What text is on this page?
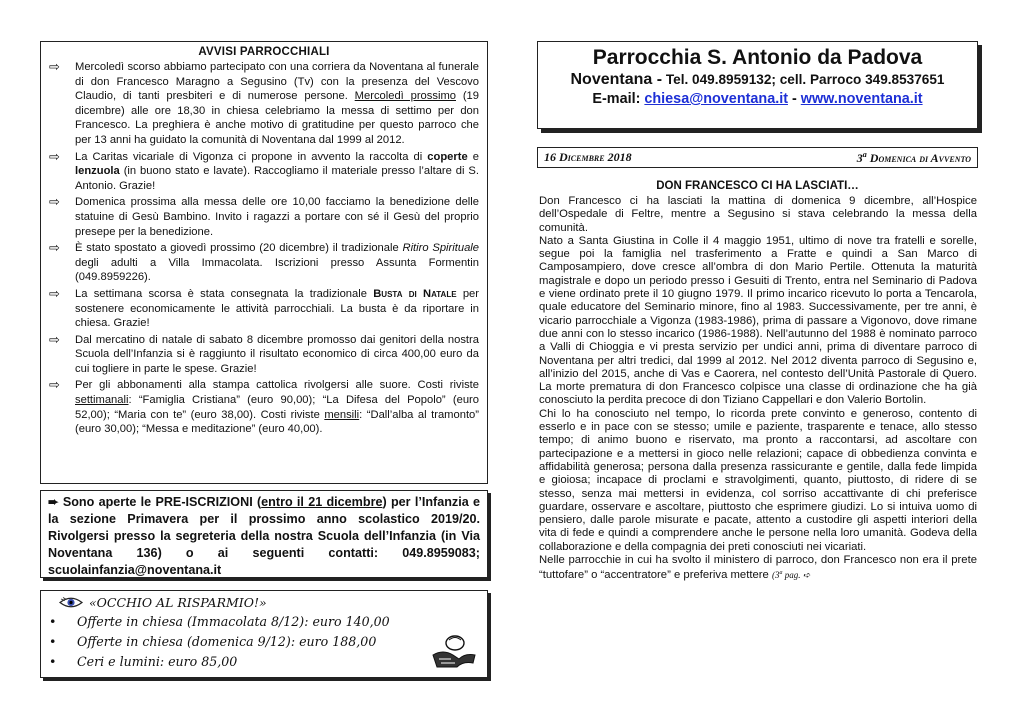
AVVISI PARROCCHIALI
⇨	Mercoledì scorso abbiamo partecipato con una corriera da Noventana al funerale di don Francesco Maragno a Segusino (Tv) con la presenza del Vescovo Claudio, di tanti presbiteri e di numerose persone. Mercoledì prossimo (19 dicembre) alle ore 18,30 in chiesa celebriamo la messa di settimo per don Francesco. La preghiera è anche motivo di gratitudine per questo parroco che per 13 anni ha guidato la comunità di Noventana dal 1999 al 2012.
⇨	La Caritas vicariale di Vigonza ci propone in avvento la raccolta di coperte e lenzuola (in buono stato e lavate). Raccogliamo il materiale presso l’altare di S. Antonio. Grazie!
⇨	Domenica prossima alla messa delle ore 10,00 facciamo la benedizione delle statuine di Gesù Bambino. Invito i ragazzi a portare con sé il Gesù del proprio presepe per la benedizione.
⇨	È stato spostato a giovedì prossimo (20 dicembre) il tradizionale Ritiro Spirituale degli adulti a Villa Immacolata. Iscrizioni presso Assunta Formentin (049.8959226).
⇨	La settimana scorsa è stata consegnata la tradizionale Busta di Natale per sostenere economicamente le attività parrocchiali. La busta è da riportare in chiesa. Grazie!
⇨	Dal mercatino di natale di sabato 8 dicembre promosso dai genitori della nostra Scuola dell’Infanzia si è raggiunto il risultato economico di circa 400,00 euro da cui togliere in parte le spese. Grazie!
⇨	Per gli abbonamenti alla stampa cattolica rivolgersi alle suore. Costi riviste settimanali: “Famiglia Cristiana” (euro 90,00); “La Difesa del Popolo” (euro 52,00); “Maria con te” (euro 38,00). Costi riviste mensili: “Dall’alba al tramonto” (euro 30,00); “Messa e meditazione” (euro 40,00).
➨ Sono aperte le PRE-ISCRIZIONI (entro il 21 dicembre) per l’Infanzia e la sezione Primavera per il prossimo anno scolastico 2019/20. Rivolgersi presso la segreteria della nostra Scuola dell’Infanzia (in Via Noventana 136) o ai seguenti contatti: 049.8959083; scuolainfanzia@noventana.it
«OCCHIO AL RISPARMIO!»
•	Offerte in chiesa (Immacolata 8/12): euro 140,00
•	Offerte in chiesa (domenica 9/12): euro 188,00
•	Ceri e lumini: euro 85,00
Parrocchia S. Antonio da Padova
Noventana - Tel. 049.8959132; cell. Parroco 349.8537651
E-mail: chiesa@noventana.it - www.noventana.it
16 Dicembre 2018	3$^a$ Domenica di Avvento
DON FRANCESCO CI HA LASCIATI…

Don Francesco ci ha lasciati la mattina di domenica 9 dicembre, all’Hospice dell’Ospedale di Feltre, mentre a Segusino si stava celebrando la messa della comunità.

Nato a Santa Giustina in Colle il 4 maggio 1951, ultimo di nove tra fratelli e sorelle, segue poi la famiglia nel trasferimento a Fratte e quindi a San Marco di Camposampiero, dove cresce all’ombra di don Mario Pertile. Ottenuta la maturità magistrale e dopo un periodo presso i Gesuiti di Trento, entra nel Seminario di Padova e viene ordinato prete il 10 giugno 1979. Il primo incarico ricevuto lo porta a Tencarola, quale educatore del Seminario minore, fino al 1983. Successivamente, per tre anni, è vicario parrocchiale a Vigonza (1983-1986), prima di passare a Vigonovo, dove rimane due anni con lo stesso incarico (1986-1988). Nell’autunno del 1988 è nominato parroco a Valli di Chioggia e vi presta servizio per undici anni, prima di diventare parroco di Noventana per altri tredici, dal 1999 al 2012. Nel 2012 diventa parroco di Segusino e, all’inizio del 2015, anche di Vas e Caorera, nel contesto dell’Unità Pastorale di Quero. La morte prematura di don Francesco colpisce una classe di ordinazione che ha già conosciuto la perdita precoce di don Tiziano Cappellari e don Valerio Bortolin.

Chi lo ha conosciuto nel tempo, lo ricorda prete convinto e generoso, contento di esserlo e in pace con se stesso; umile e paziente, trasparente e tenace, allo stesso tempo; di animo buono e riservato, ma pronto a raccontarsi, ad ascoltare con partecipazione e a mettersi in gioco nelle relazioni; capace di obbedienza convinta e affidabilità generosa; persona dalla presenza rassicurante e gentile, dalla fede limpida e gioiosa; incapace di proclami e stravolgimenti, quanto, piuttosto, di ridere di se stesso, senza mai mettersi in evidenza, col sorriso accattivante di chi preferisce guardare, osservare e ascoltare, piuttosto che esprimere giudizi. Lo si intuiva uomo di pensiero, dalle parole misurate e pacate, attento a custodire gli aspetti interiori della vita di fede e quindi a comprendere anche le persone nella loro umanità. Godeva della collaborazione e della compagnia dei preti conosciuti nei vicariati.

Nelle parrocchie in cui ha svolto il ministero di parroco, don Francesco non era il prete “tuttofare” o “accentratore” e preferiva mettere (3$^a$ pag. ➪
